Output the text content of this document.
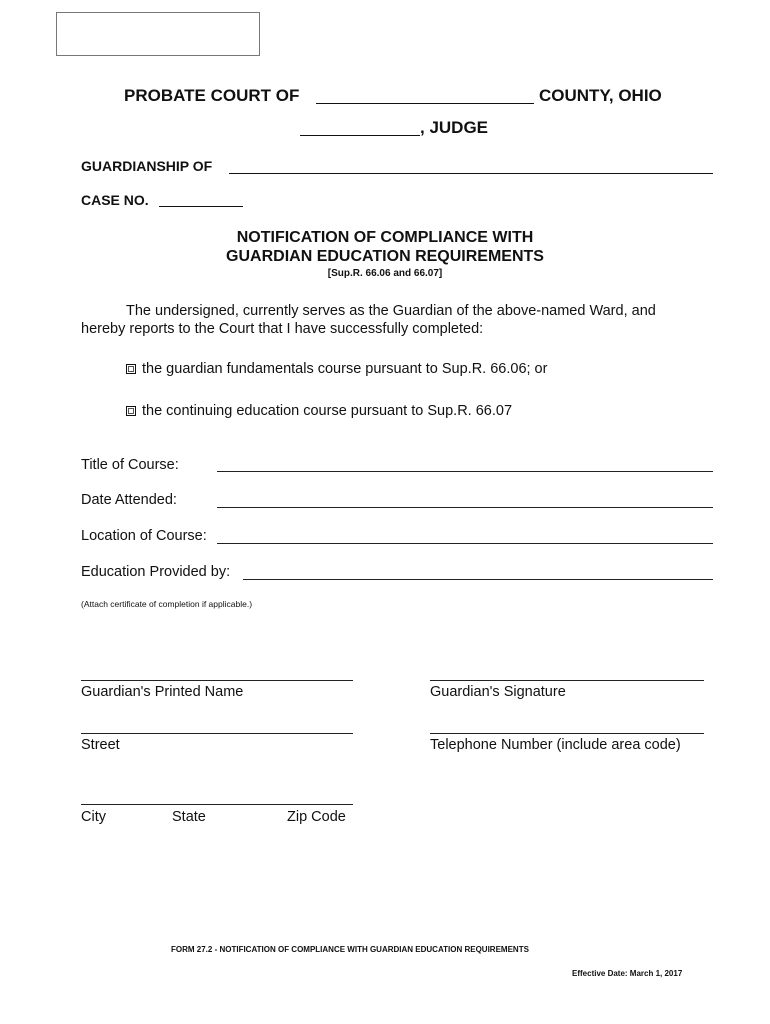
PROBATE COURT OF	COUNTY, OHIO
, JUDGE
GUARDIANSHIP OF
CASE NO.
NOTIFICATION OF COMPLIANCE WITH
GUARDIAN EDUCATION REQUIREMENTS
[Sup.R. 66.06 and 66.07]
The undersigned, currently serves as the Guardian of the above-named Ward, and
hereby reports to the Court that I have successfully completed:
the guardian fundamentals course pursuant to Sup.R. 66.06; or
the continuing education course pursuant to Sup.R. 66.07
Title of Course:
Date Attended:
Location of Course:
Education Provided by:
(Attach certificate of completion if applicable.)
Guardian's Printed Name	Guardian's Signature
Street	Telephone Number (include area code)
City	State	Zip Code
FORM 27.2 - NOTIFICATION OF COMPLIANCE WITH GUARDIAN EDUCATION REQUIREMENTS
Effective Date: March 1, 2017
